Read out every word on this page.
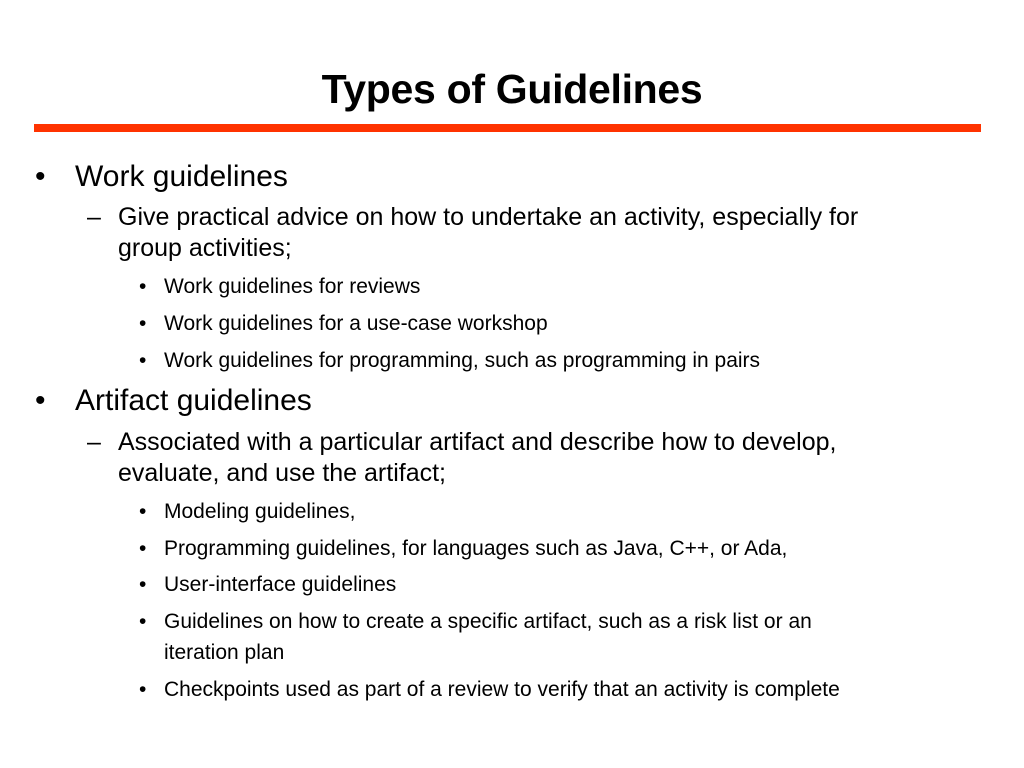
Types of Guidelines
• Work guidelines
– Give practical advice on how to undertake an activity, especially for
group activities;
• Work guidelines for reviews
• Work guidelines for a use-case workshop
• Work guidelines for programming, such as programming in pairs
• Artifact guidelines
– Associated with a particular artifact and describe how to develop,
evaluate, and use the artifact;
• Modeling guidelines,
• Programming guidelines, for languages such as Java, C++, or Ada,
• User-interface guidelines
• Guidelines on how to create a specific artifact, such as a risk list or an
iteration plan
• Checkpoints used as part of a review to verify that an activity is complete
